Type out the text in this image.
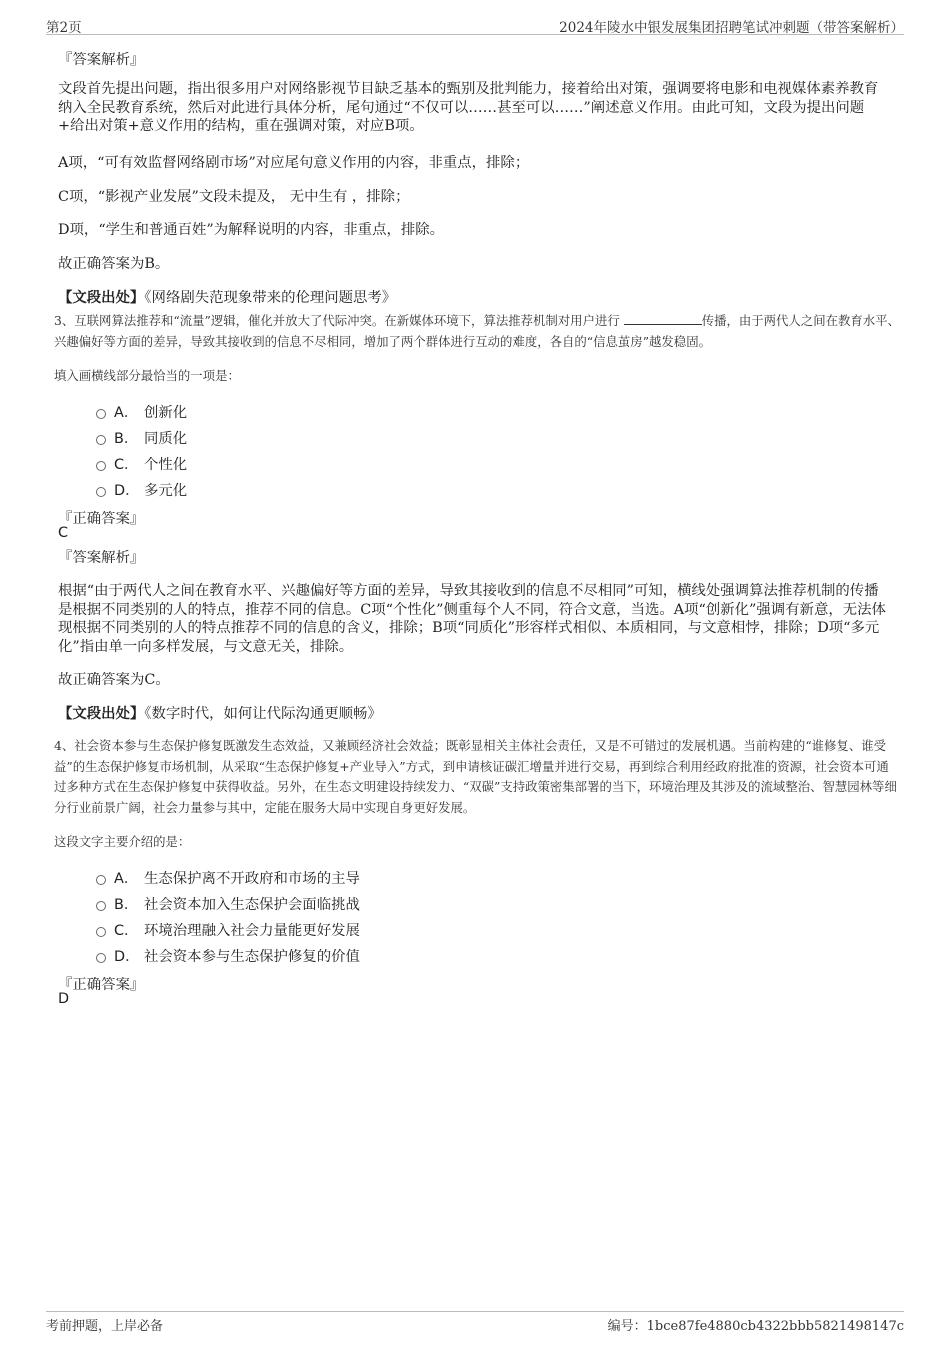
第2页	2024年陵水中银发展集团招聘笔试冲刺题（带答案解析）
『答案解析』
文段首先提出问题，指出很多用户对网络影视节目缺乏基本的甄别及批判能力，接着给出对策，强调要将电影和电视媒体素养教育纳入全民教育系统，然后对此进行具体分析，尾句通过“不仅可以……甚至可以……”阐述意义作用。由此可知，文段为提出问题+给出对策+意义作用的结构，重在强调对策，对应B项。
A项，“可有效监督网络剧市场”对应尾句意义作用的内容，非重点，排除；
C项，“影视产业发展”文段未提及， 无中生有 ，排除；
D项，“学生和普通百姓”为解释说明的内容，非重点，排除。
故正确答案为B。
【文段出处】《网络剧失范现象带来的伦理问题思考》
3、互联网算法推荐和“流量”逻辑，催化并放大了代际冲突。在新媒体环境下，算法推荐机制对用户进行	传播，由于两代人之间在教育水平、兴趣偏好等方面的差异，导致其接收到的信息不尽相同，增加了两个群体进行互动的难度，各自的“信息茧房”越发稳固。
填入画横线部分最恰当的一项是：
A． 创新化
B． 同质化
C． 个性化
D． 多元化
『正确答案』
C
『答案解析』
根据“由于两代人之间在教育水平、兴趣偏好等方面的差异，导致其接收到的信息不尽相同”可知，横线处强调算法推荐机制的传播是根据不同类别的人的特点，推荐不同的信息。C项“个性化”侧重每个人不同，符合文意，当选。A项“创新化”强调有新意，无法体现根据不同类别的人的特点推荐不同的信息的含义，排除；B项“同质化”形容样式相似、本质相同，与文意相悖，排除；D项“多元化”指由单一向多样发展，与文意无关，排除。
故正确答案为C。
【文段出处】《数字时代，如何让代际沟通更顺畅》
4、社会资本参与生态保护修复既激发生态效益，又兼顾经济社会效益；既彰显相关主体社会责任，又是不可错过的发展机遇。当前构建的“谁修复、谁受益”的生态保护修复市场机制，从采取“生态保护修复+产业导入”方式，到申请核证碳汇增量并进行交易，再到综合利用经政府批准的资源，社会资本可通过多种方式在生态保护修复中获得收益。另外，在生态文明建设持续发力、“双碳”支持政策密集部署的当下，环境治理及其涉及的流域整治、智慧园林等细分行业前景广阔，社会力量参与其中，定能在服务大局中实现自身更好发展。
这段文字主要介绍的是：
A． 生态保护离不开政府和市场的主导
B． 社会资本加入生态保护会面临挑战
C． 环境治理融入社会力量能更好发展
D． 社会资本参与生态保护修复的价值
『正确答案』
D
考前押题，上岸必备	编号：1bce87fe4880cb4322bbb5821498147c
